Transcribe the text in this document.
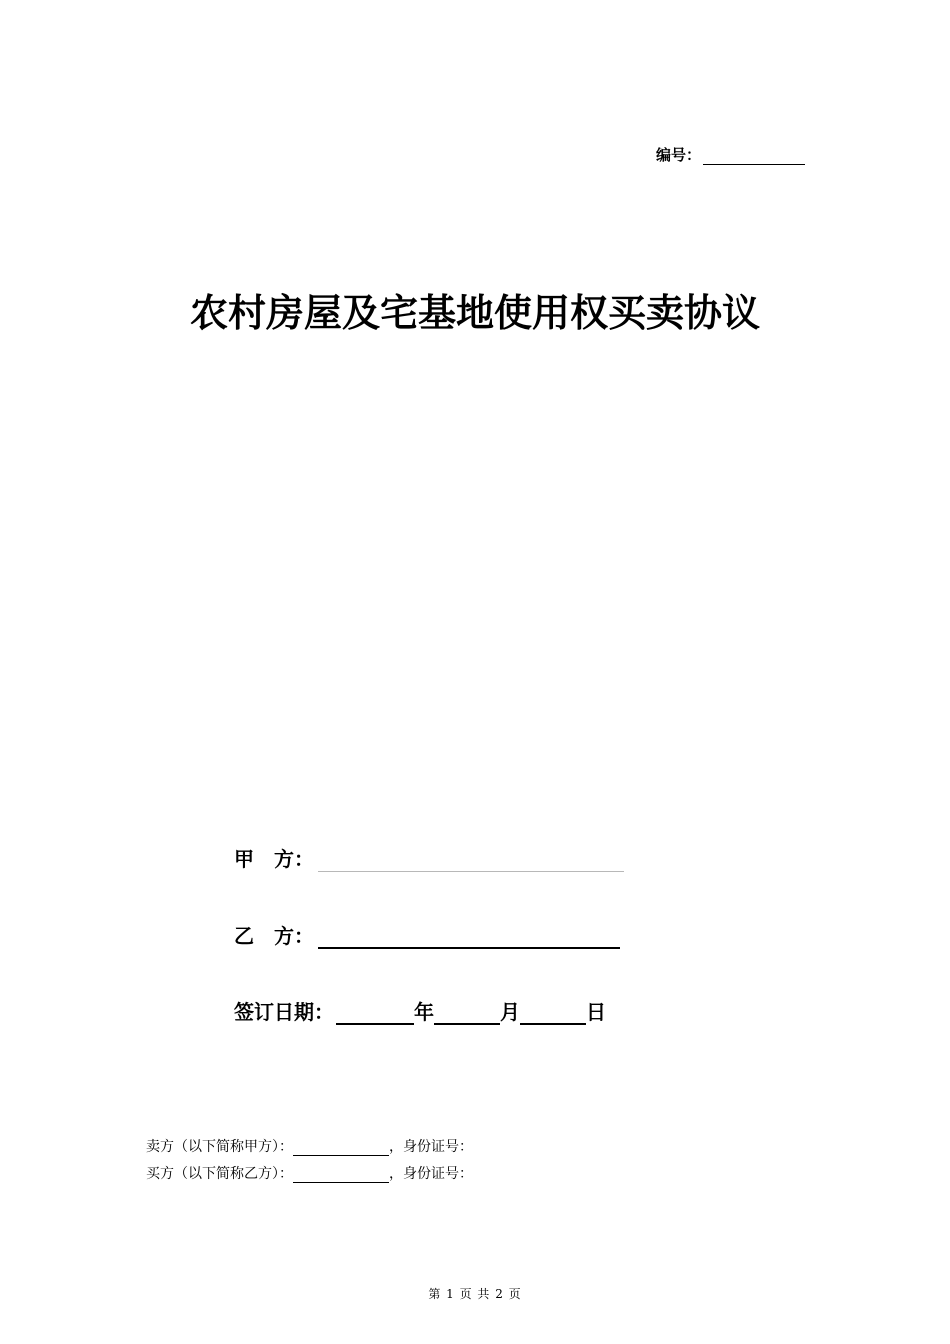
编号：
农村房屋及宅基地使用权买卖协议
甲　方：
乙　方：
签订日期：	年	月	日
卖方（以下简称甲方）：	，身份证号：
买方（以下简称乙方）：	，身份证号：
第 1 页 共 2 页
